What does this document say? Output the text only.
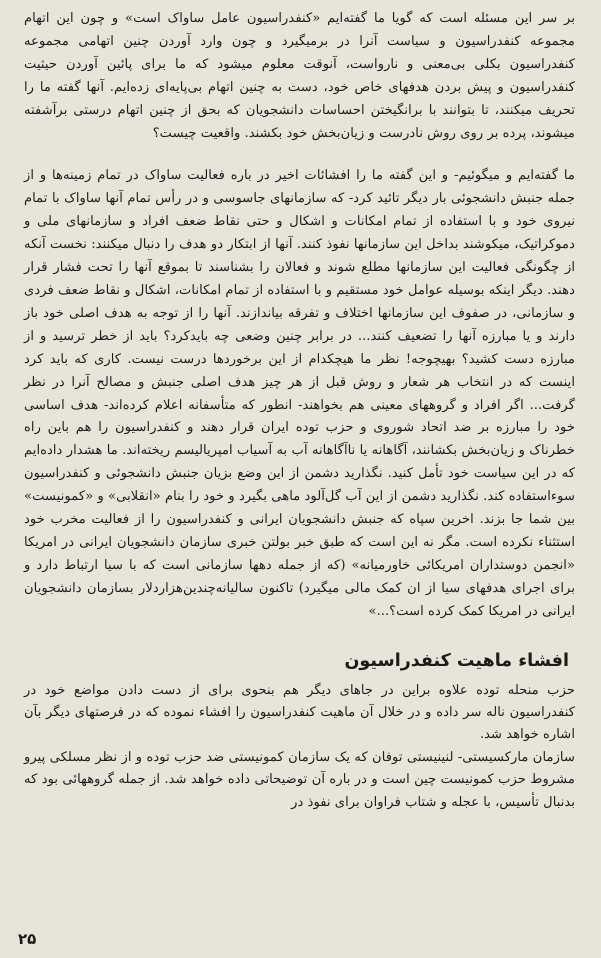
بر سر این مسئله است که گویا ما گفته‌ایم «کنفدراسیون عامل ساواک است» و چون این اتهام مجموعه کنفدراسیون و سیاست آنرا در برمیگیرد و چون وارد آوردن چنین اتهامی مجموعه کنفدراسیون بکلی بی‌معنی و نارواست، آنوقت معلوم میشود که ما برای پائین آوردن حیثیت کنفدراسیون و پیش بردن هدفهای خاص خود، دست به چنین اتهام بی‌پایه‌ای زده‌ایم. آنها گفته ما را تحریف میکنند، تا بتوانند با برانگیختن احساسات دانشجویان که بحق از چنین اتهام درستی برآشفته میشوند، پرده بر روی روش نادرست و زیان‌بخش خود بکشند. واقعیت چیست؟

ما گفته‌ایم و میگوئیم- و این گفته ما را افشائات اخیر در باره فعالیت ساواک در تمام زمینه‌ها و از جمله جنبش دانشجوئی بار دیگر تائید کرد- که سازمانهای جاسوسی و در رأس تمام آنها ساواک با تمام نیروی خود و با استفاده از تمام امکانات و اشکال و حتی نقاط ضعف افراد و سازمانهای ملی و دموکراتیک، میکوشند بداخل این سازمانها نفوذ کنند. آنها از ابتکار دو هدف را دنبال میکنند: نخست آنکه از چگونگی فعالیت این سازمانها مطلع شوند و فعالان را بشناسند تا بموقع آنها را تحت فشار قرار دهند. دیگر اینکه بوسیله عوامل خود مستقیم و با استفاده از تمام امکانات، اشکال و نقاط ضعف فردی و سازمانی، در صفوف این سازمانها اختلاف و تفرقه بیاندازند. آنها را از توجه به هدف اصلی خود باز دارند و یا مبارزه آنها را تضعیف کنند... در برابر چنین وضعی چه بایدکرد؟ باید از خطر ترسید و از مبارزه دست کشید؟ بهیچوجه! نظر ما هیچکدام از این برخوردها درست نیست. کاری که باید کرد اینست که در انتخاب هر شعار و روش قبل از هر چیز هدف اصلی جنبش و مصالح آنرا در نظر گرفت... اگر افراد و گروههای معینی هم بخواهند- انطور که متأسفانه اعلام کرده‌اند- هدف اساسی خود را مبارزه بر ضد اتحاد شوروی و حزب توده ایران قرار دهند و کنفدراسیون را هم باین راه خطرناک و زیان‌بخش بکشانند، آگاهانه یا ناآگاهانه آب به آسیاب امپریالیسم ریخته‌اند. ما هشدار داده‌ایم که در این سیاست خود تأمل کنید. نگذارید دشمن از این وضع بزیان جنبش دانشجوئی و کنفدراسیون سوءاستفاده کند. نگذارید دشمن از این آب گل‌آلود ماهی بگیرد و خود را بنام «انقلابی» و «کمونیست» بین شما جا بزند. اخرین سپاه که جنبش دانشجویان ایرانی و کنفدراسیون را از فعالیت مخرب خود استثناء نکرده است. مگر نه این است که طبق خبر بولتن خبری سازمان دانشجویان ایرانی در امریکا «انجمن دوستداران امریکائی خاورمیانه» (که از جمله دهها سازمانی است که با سیا ارتباط دارد و برای اجرای هدفهای سیا از ان کمک مالی میگیرد) تاکنون سالیانه‌چندین‌هزاردلار بسازمان دانشجویان ایرانی در امریکا کمک کرده است؟...»

افشاء ماهیت کنفدراسیون

حزب منحله توده علاوه براین در جاهای دیگر هم بنحوی برای از دست دادن مواضع خود در کنفدراسیون ناله سر داده و در خلال آن ماهیت کنفدراسیون را افشاء نموده که در فرصتهای دیگر بآن اشاره خواهد شد.

سازمان مارکسیستی- لنینیستی توفان که یک سازمان کمونیستی ضد حزب توده و از نظر مسلکی پیرو مشروط حزب کمونیست چین است و در باره آن توضیحاتی داده خواهد شد. از جمله گروههائی بود که بدنبال تأسیس، با عجله و شتاب فراوان برای نفوذ در

۲۵
